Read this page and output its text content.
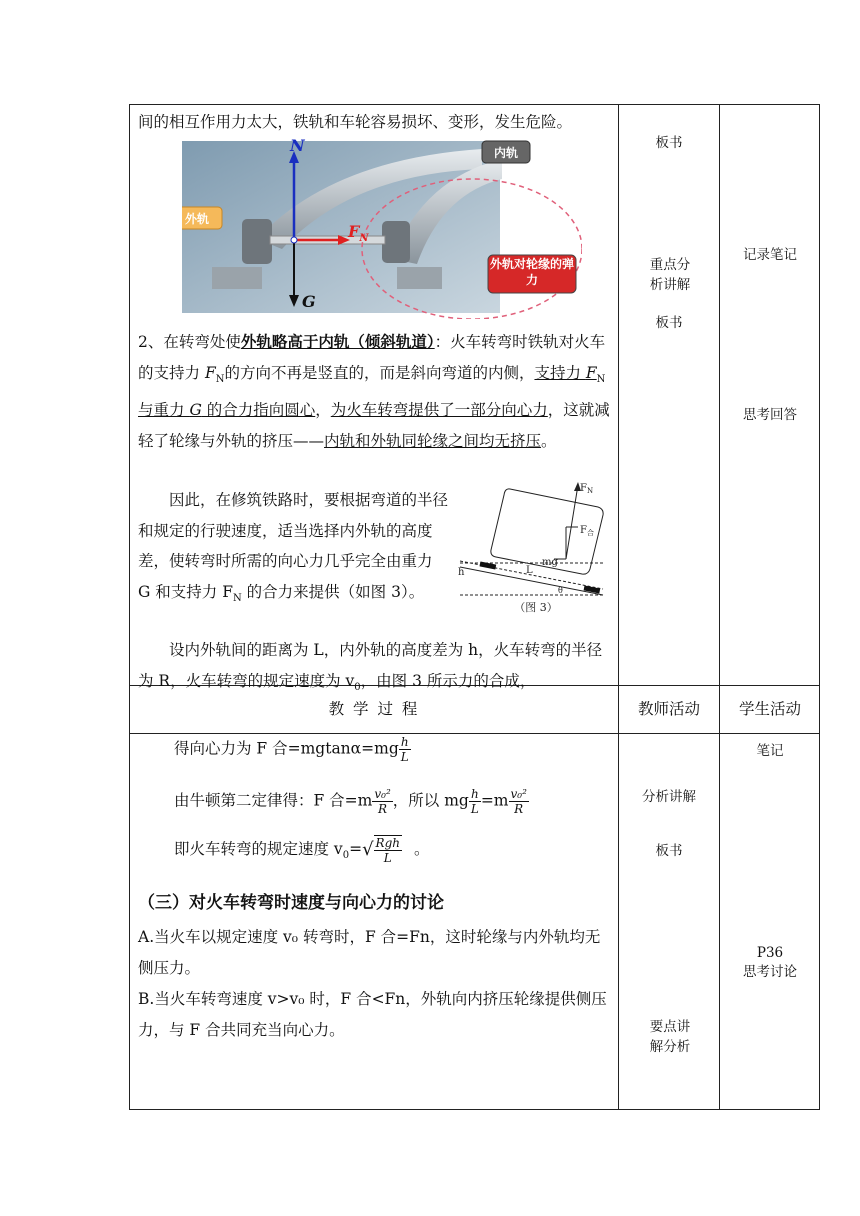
间的相互作用力太大，铁轨和车轮容易损坏、变形，发生危险。
N
$F_N$
G
内轨
外轨
外轨对轮缘的弹力
2、在转弯处使外轨略高于内轨（倾斜轨道）：火车转弯时铁轨对火车的支持力 $F_N$的方向不再是竖直的，而是斜向弯道的内侧，支持力 $F_N$与重力 G 的合力指向圆心，为火车转弯提供了一部分向心力，这就减轻了轮缘与外轨的挤压——内轨和外轨同轮缘之间均无挤压。
因此，在修筑铁路时，要根据弯道的半径和规定的行驶速度，适当选择内外轨的高度差，使转弯时所需的向心力几乎完全由重力 G 和支持力 $F_N$ 的合力来提供（如图 3）。
$F_N$
$F_合$
mg
L
h
θ
（图 3）
设内外轨间的距离为 L，内外轨的高度差为 h，火车转弯的半径为 R，火车转弯的规定速度为 $v_0$，由图 3 所示力的合成，
板书
重点分析讲解
板书
记录笔记
思考回答
教 学 过 程	教师活动	学生活动
得向心力为 F 合$=mgtan\alpha=mg \frac{h}{L}$
由牛顿第二定律得：F 合$=m \frac{\text{v₀²}}{R}$ ，所以 mg $\frac{h}{L} =m \frac{\text{v₀²}}{R}$
即火车转弯的规定速度 $v_0=√ \frac{\text{Rgh}}{L}$ 。
（三）对火车转弯时速度与向心力的讨论
A.当火车以规定速度 v₀ 转弯时，F 合=Fn，这时轮缘与内外轨均无侧压力。
B.当火车转弯速度 v>v₀ 时，F 合<Fn，外轨向内挤压轮缘提供侧压力，与 F 合共同充当向心力。
分析讲解
板书
要点讲解分析
笔记
P36
思考讨论
